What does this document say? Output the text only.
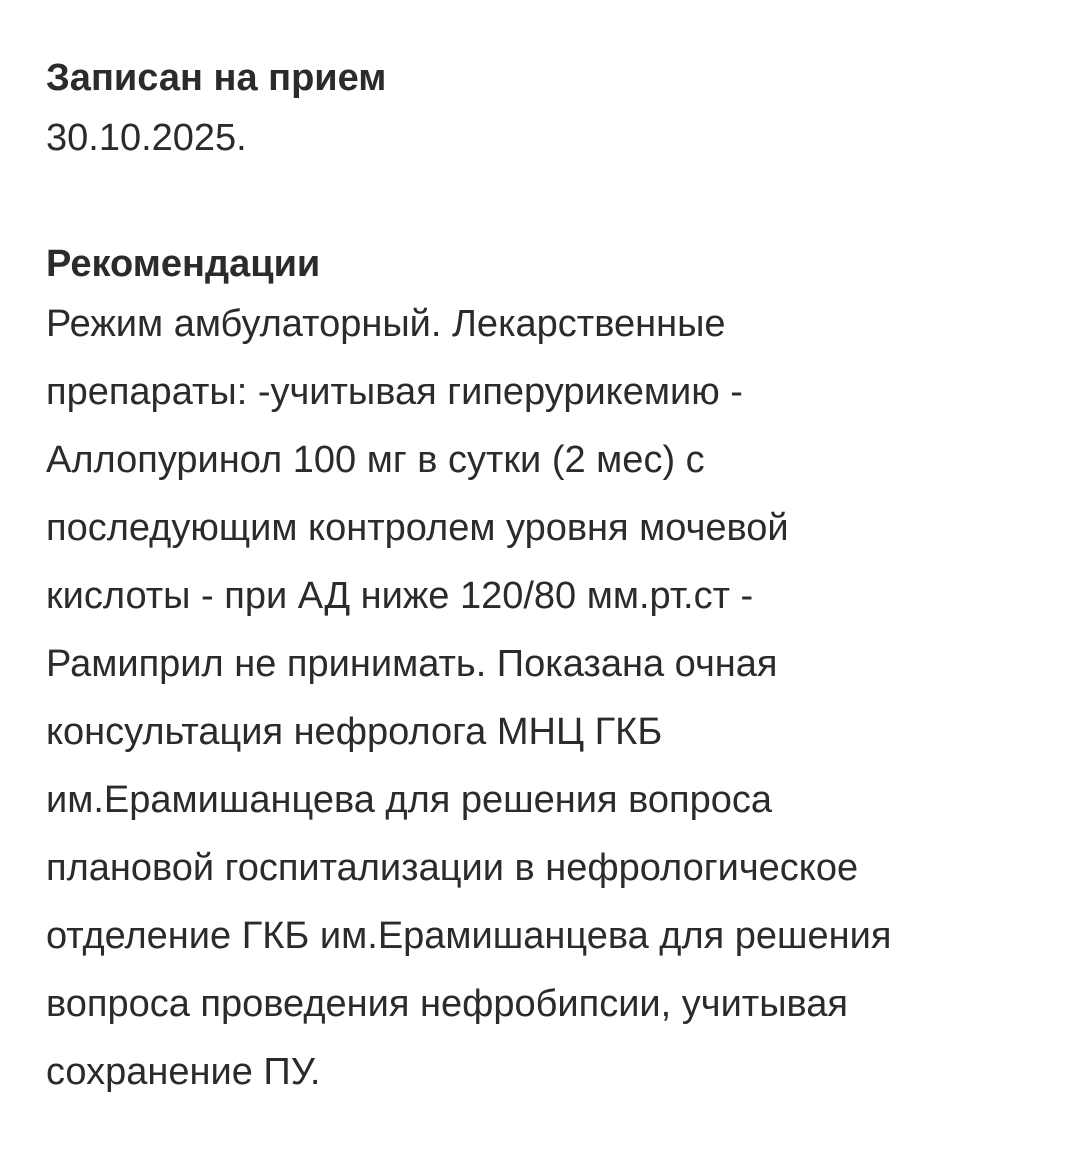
Записан на прием
30.10.2025.
Рекомендации
Режим амбулаторный. Лекарственные
препараты: -учитывая гиперурикемию -
Аллопуринол 100 мг в сутки (2 мес) с
последующим контролем уровня мочевой
кислоты - при АД ниже 120/80 мм.рт.ст -
Рамиприл не принимать. Показана очная
консультация нефролога МНЦ ГКБ
им.Ерамишанцева для решения вопроса
плановой госпитализации в нефрологическое
отделение ГКБ им.Ерамишанцева для решения
вопроса проведения нефробипсии, учитывая
сохранение ПУ.
